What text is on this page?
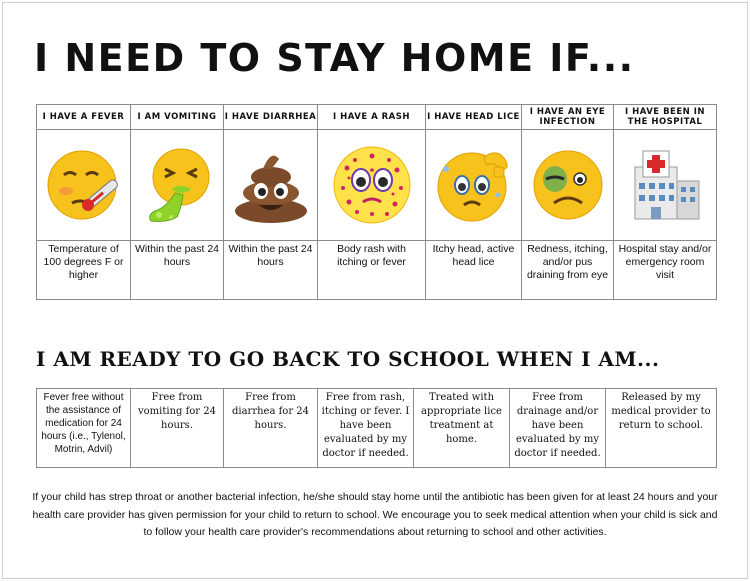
I NEED TO STAY HOME IF...
I HAVE A FEVER	I AM VOMITING	I HAVE DIARRHEA	I HAVE A RASH	I HAVE HEAD LICE	I HAVE AN EYE INFECTION	I HAVE BEEN IN THE HOSPITAL

Temperature of 100 degrees F or higher	Within the past 24 hours	Within the past 24 hours	Body rash with itching or fever	Itchy head, active head lice	Redness, itching, and/or pus draining from eye	Hospital stay and/or emergency room visit
I AM READY TO GO BACK TO SCHOOL WHEN I AM...
Fever free without the assistance of medication for 24 hours (i.e., Tylenol, Motrin, Advil)	Free from vomiting for 24 hours.	Free from diarrhea for 24 hours.	Free from rash, itching or fever. I have been evaluated by my doctor if needed.	Treated with appropriate lice treatment at home.	Free from drainage and/or have been evaluated by my doctor if needed.	Released by my medical provider to return to school.

If your child has strep throat or another bacterial infection, he/she should stay home until the antibiotic has been given for at least 24 hours and your health care provider has given permission for your child to return to school. We encourage you to seek medical attention when your child is sick and to follow your health care provider's recommendations about returning to school and other activities.
